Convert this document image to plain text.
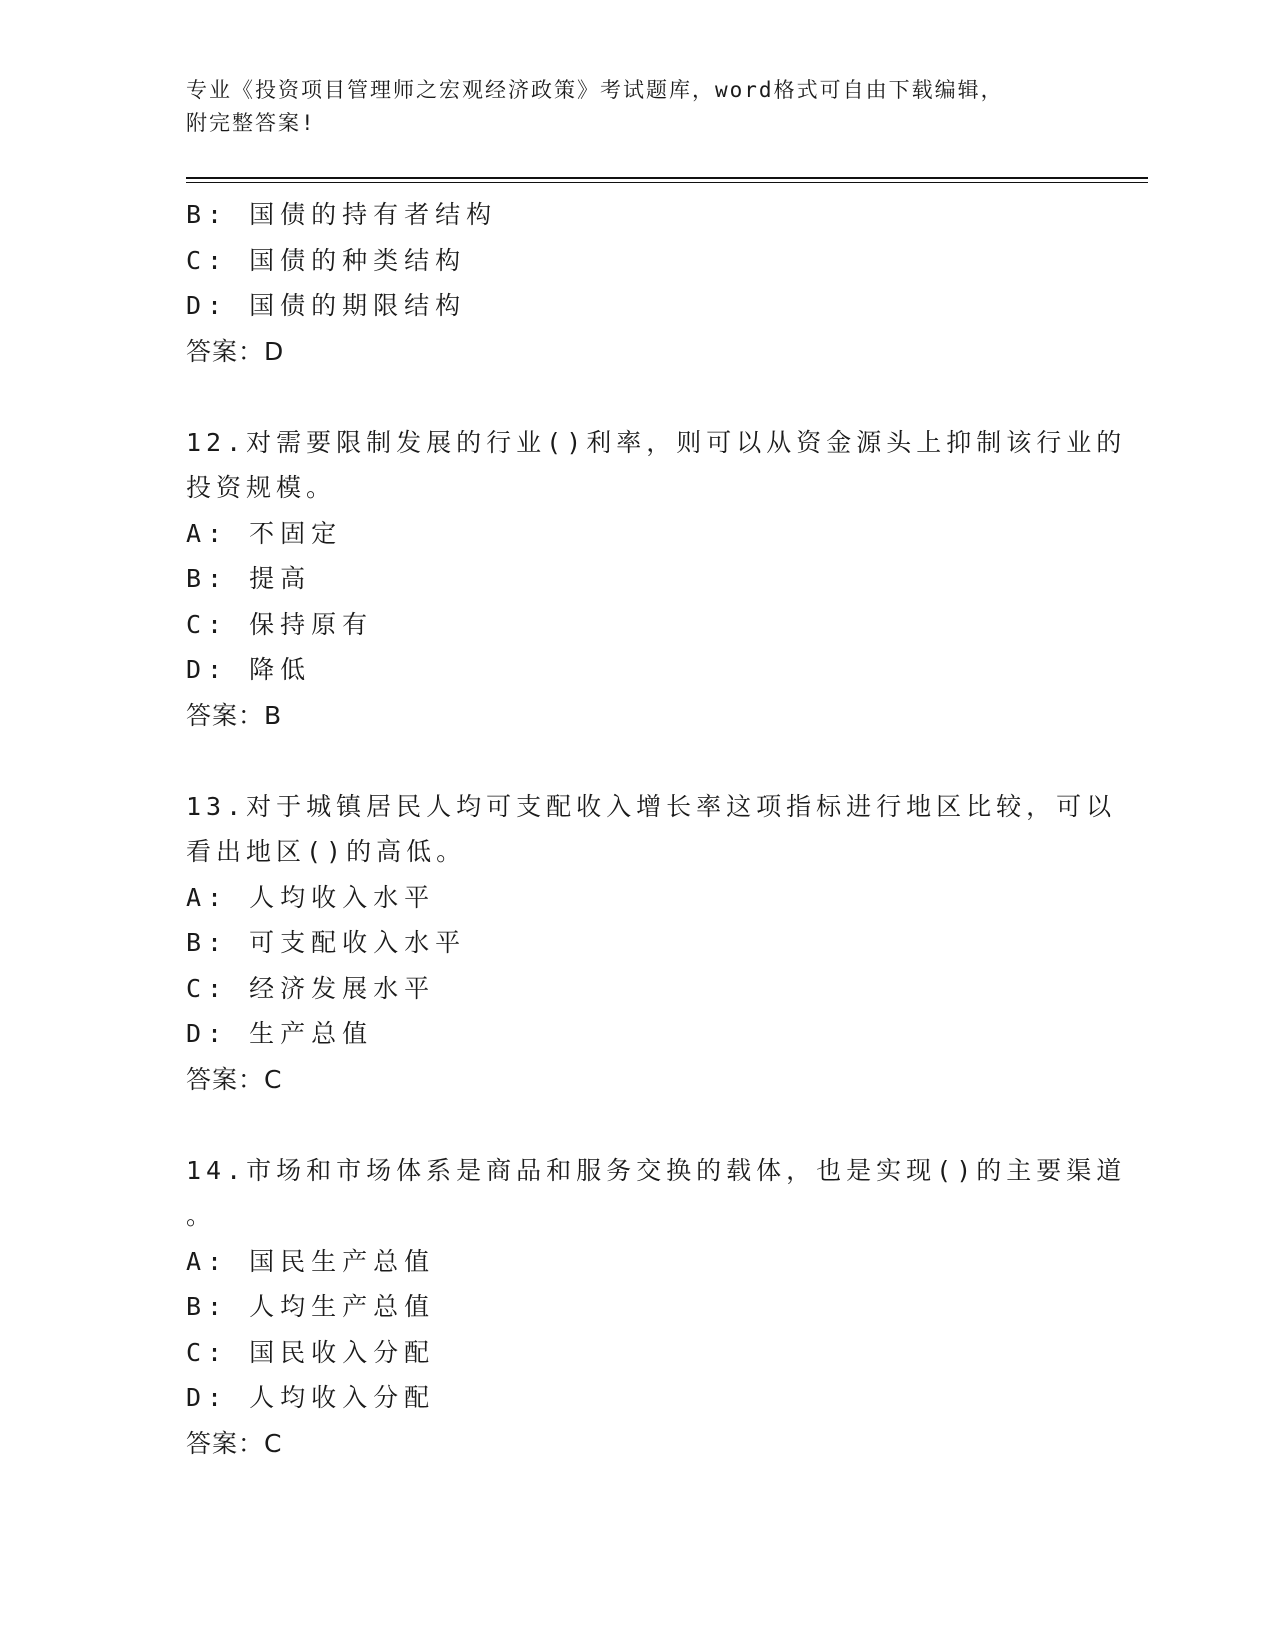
专业《投资项目管理师之宏观经济政策》考试题库，word格式可自由下载编辑，
附完整答案!
B: 国债的持有者结构
C: 国债的种类结构
D: 国债的期限结构
答案：D
12.对需要限制发展的行业()利率，则可以从资金源头上抑制该行业的
投资规模。
A: 不固定
B: 提高
C: 保持原有
D: 降低
答案：B
13.对于城镇居民人均可支配收入增长率这项指标进行地区比较，可以
看出地区()的高低。
A: 人均收入水平
B: 可支配收入水平
C: 经济发展水平
D: 生产总值
答案：C
14.市场和市场体系是商品和服务交换的载体，也是实现()的主要渠道
。
A: 国民生产总值
B: 人均生产总值
C: 国民收入分配
D: 人均收入分配
答案：C
